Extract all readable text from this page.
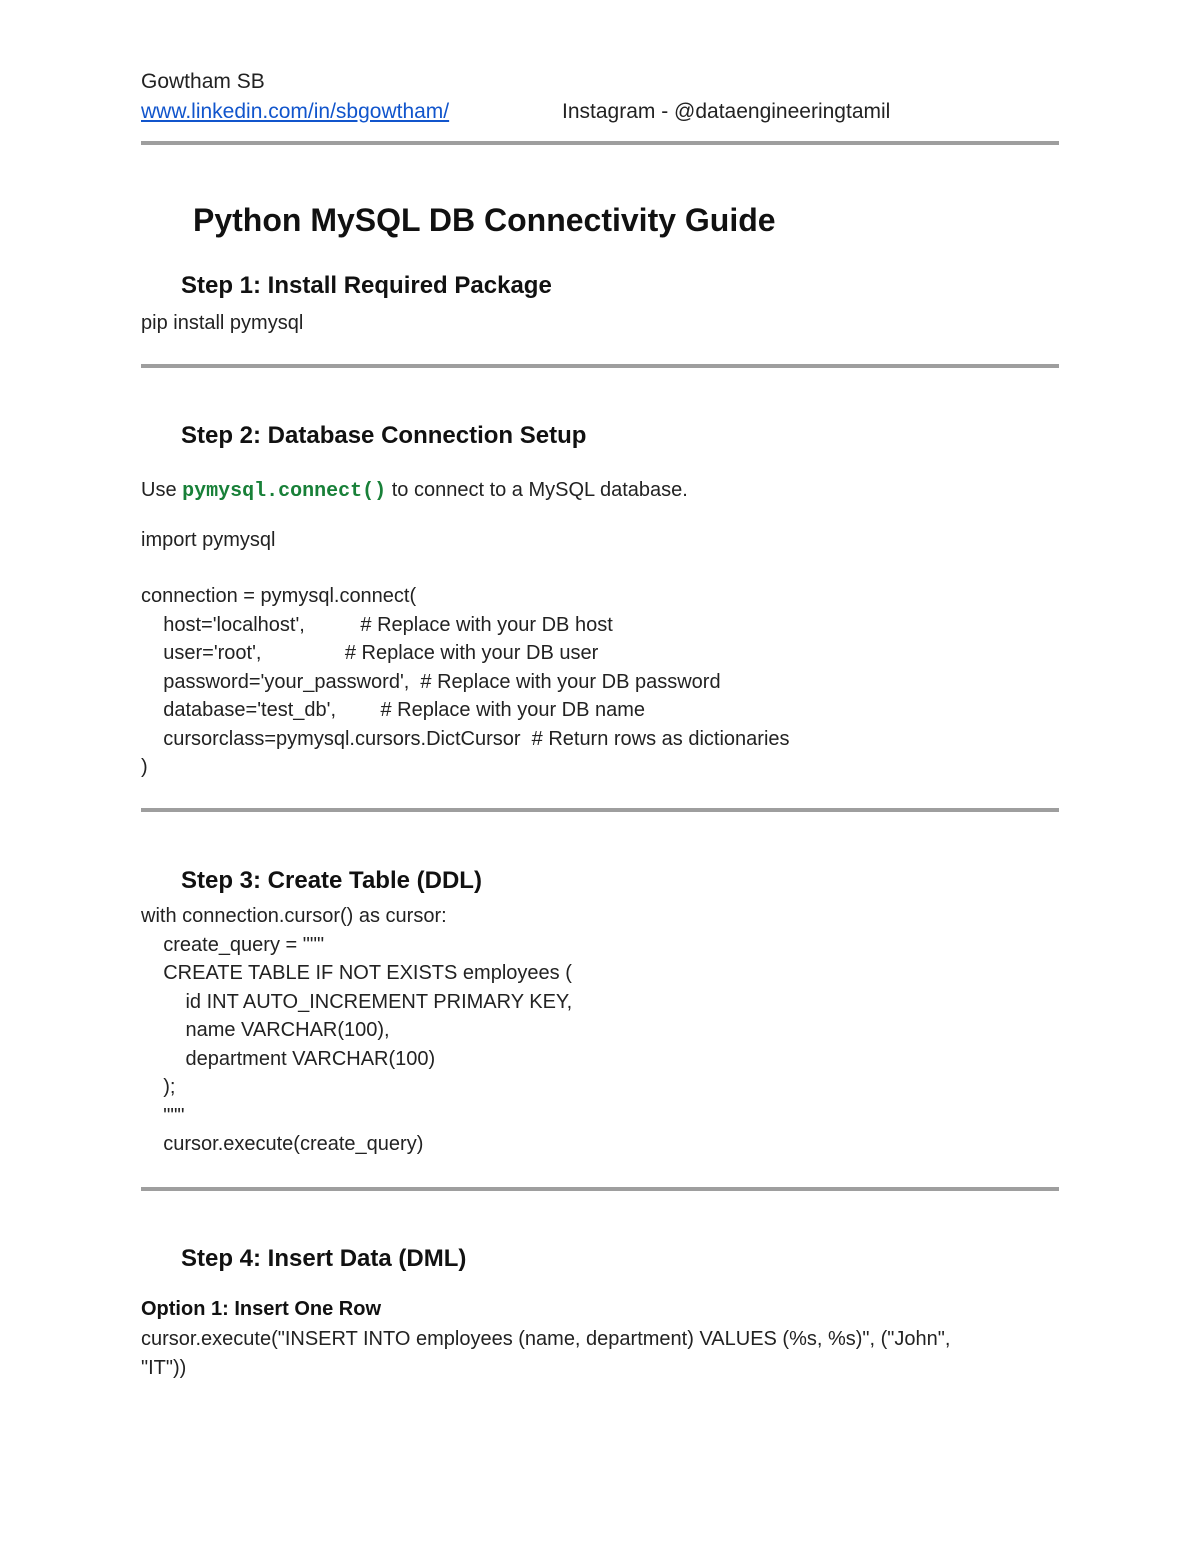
Gowtham SB
www.linkedin.com/in/sbgowtham/	Instagram - @dataengineeringtamil
Python MySQL DB Connectivity Guide
Step 1: Install Required Package
pip install pymysql
Step 2: Database Connection Setup
Use pymysql.connect() to connect to a MySQL database.
import pymysql
connection = pymysql.connect(
host='localhost',          # Replace with your DB host
user='root',               # Replace with your DB user
password='your_password',  # Replace with your DB password
database='test_db',        # Replace with your DB name
cursorclass=pymysql.cursors.DictCursor  # Return rows as dictionaries
)
Step 3: Create Table (DDL)
with connection.cursor() as cursor:
create_query = """
CREATE TABLE IF NOT EXISTS employees (
id INT AUTO_INCREMENT PRIMARY KEY,
name VARCHAR(100),
department VARCHAR(100)
);
"""
cursor.execute(create_query)
Step 4: Insert Data (DML)
Option 1: Insert One Row
cursor.execute("INSERT INTO employees (name, department) VALUES (%s, %s)", ("John",
"IT"))
